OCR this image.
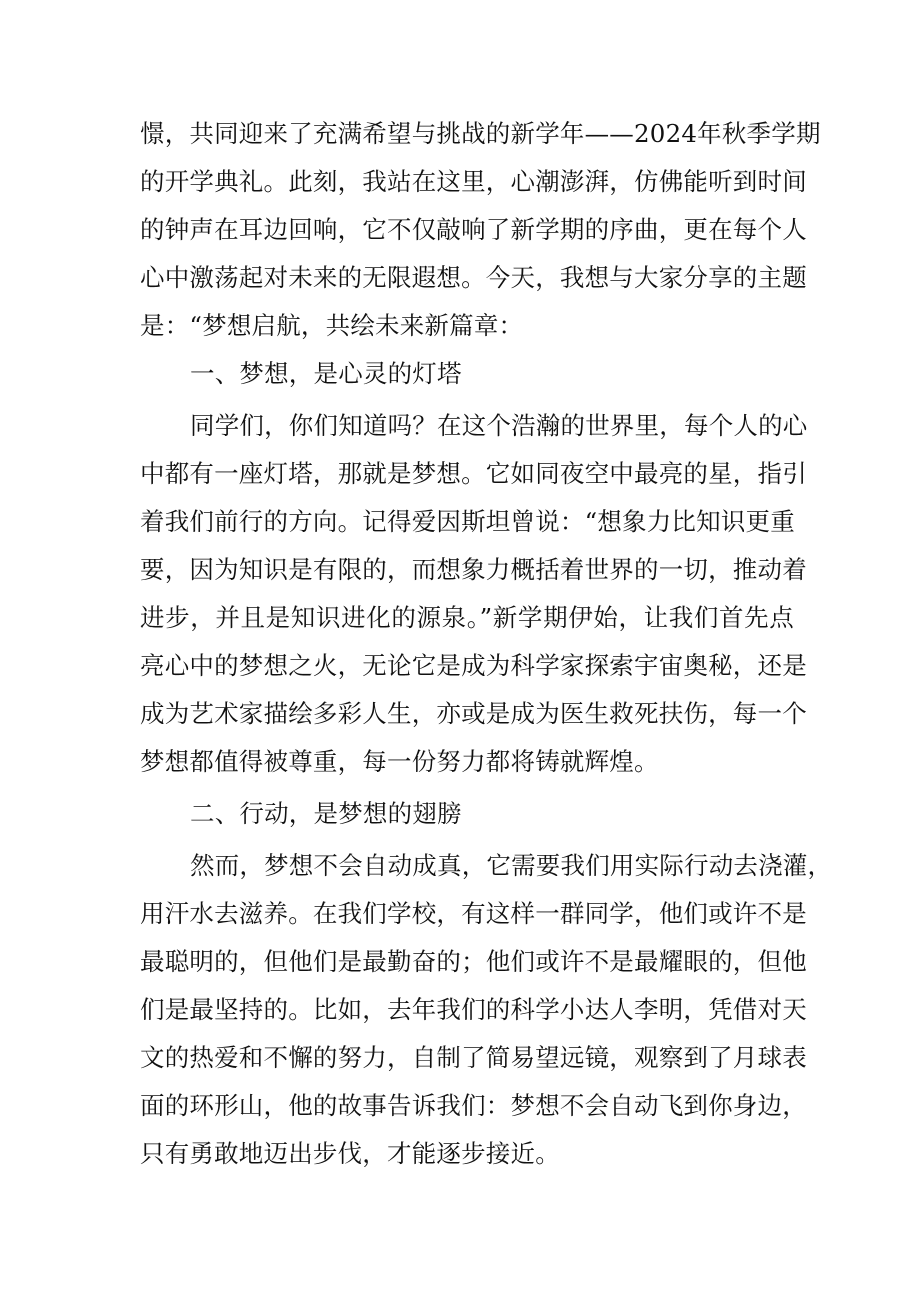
憬，共同迎来了充满希望与挑战的新学年——2024年秋季学期
的开学典礼。此刻，我站在这里，心潮澎湃，仿佛能听到时间
的钟声在耳边回响，它不仅敲响了新学期的序曲，更在每个人
心中激荡起对未来的无限遐想。今天，我想与大家分享的主题
是：“梦想启航，共绘未来新篇章：
一、梦想，是心灵的灯塔
同学们，你们知道吗？在这个浩瀚的世界里，每个人的心
中都有一座灯塔，那就是梦想。它如同夜空中最亮的星，指引
着我们前行的方向。记得爱因斯坦曾说：“想象力比知识更重
要，因为知识是有限的，而想象力概括着世界的一切，推动着
进步，并且是知识进化的源泉。”新学期伊始，让我们首先点
亮心中的梦想之火，无论它是成为科学家探索宇宙奥秘，还是
成为艺术家描绘多彩人生，亦或是成为医生救死扶伤，每一个
梦想都值得被尊重，每一份努力都将铸就辉煌。
二、行动，是梦想的翅膀
然而，梦想不会自动成真，它需要我们用实际行动去浇灌，
用汗水去滋养。在我们学校，有这样一群同学，他们或许不是
最聪明的，但他们是最勤奋的；他们或许不是最耀眼的，但他
们是最坚持的。比如，去年我们的科学小达人李明，凭借对天
文的热爱和不懈的努力，自制了简易望远镜，观察到了月球表
面的环形山，他的故事告诉我们：梦想不会自动飞到你身边，
只有勇敢地迈出步伐，才能逐步接近。
